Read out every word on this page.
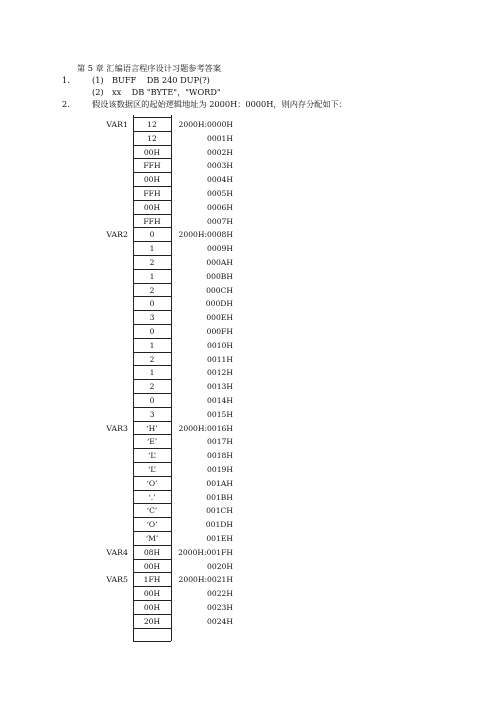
第 5 章 汇编语言程序设计习题参考答案
1.	(1) BUFF    DB 240 DUP(?)
(2) xx    DB "BYTE"，"WORD"
2.	假设该数据区的起始逻辑地址为 2000H：0000H，则内存分配如下：
VAR1	12	2000H:0000H
12	0001H
00H	0002H
FFH	0003H
00H	0004H
FFH	0005H
00H	0006H
FFH	0007H
VAR2	0	2000H:0008H
1	0009H
2	000AH
1	000BH
2	000CH
0	000DH
3	000EH
0	000FH
1	0010H
2	0011H
1	0012H
2	0013H
0	0014H
3	0015H
VAR3	‘H’	2000H:0016H
‘E’	0017H
‘L’	0018H
‘L’	0019H
‘O’	001AH
‘.’	001BH
‘C’	001CH
‘O’	001DH
‘M’	001EH
VAR4	08H	2000H:001FH
00H	0020H
VAR5	1FH	2000H:0021H
00H	0022H
00H	0023H
20H	0024H
